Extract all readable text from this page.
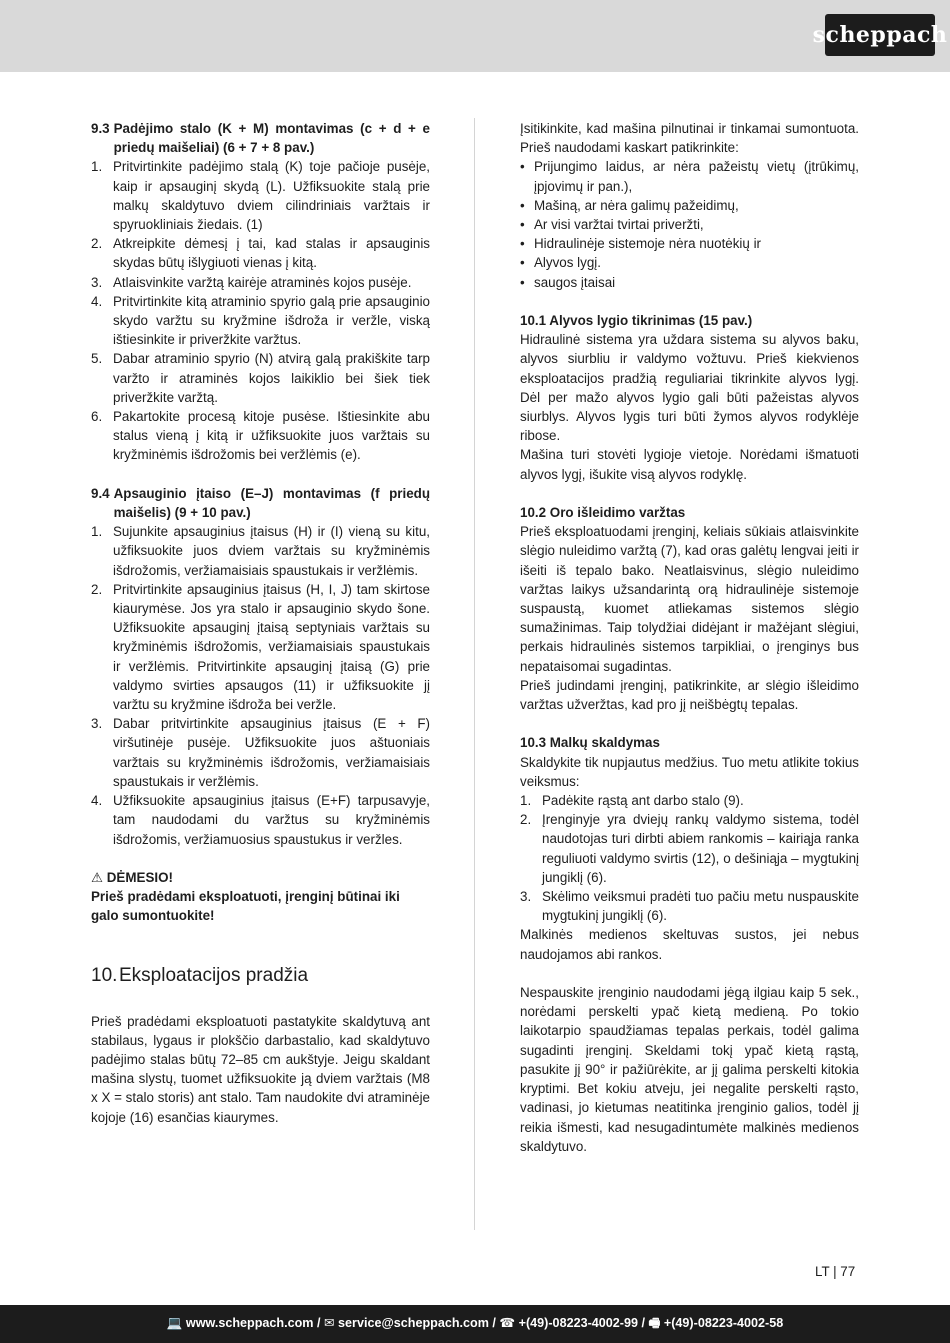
scheppach
9.3 Padėjimo stalo (K + M) montavimas (c + d + e priedų maišeliai) (6 + 7 + 8 pav.)
1. Pritvirtinkite padėjimo stalą (K) toje pačioje pusėje, kaip ir apsauginį skydą (L). Užfiksuokite stalą prie malkų skaldytuvo dviem cilindriniais varžtais ir spyruokliniais žiedais. (1)
2. Atkreipkite dėmesį į tai, kad stalas ir apsauginis skydas būtų išlygiuoti vienas į kitą.
3. Atlaisvinkite varžtą kairėje atraminės kojos pusėje.
4. Pritvirtinkite kitą atraminio spyrio galą prie apsauginio skydo varžtu su kryžmine išdroža ir veržle, viską ištiesinkite ir priveržkite varžtus.
5. Dabar atraminio spyrio (N) atvirą galą prakiškite tarp varžto ir atraminės kojos laikiklio bei šiek tiek priveržkite varžtą.
6. Pakartokite procesą kitoje pusėse. Ištiesinkite abu stalus vieną į kitą ir užfiksuokite juos varžtais su kryžminėmis išdrožomis bei veržlėmis (e).
9.4 Apsauginio įtaiso (E–J) montavimas (f priedų maišelis) (9 + 10 pav.)
1. Sujunkite apsauginius įtaisus (H) ir (I) vieną su kitu, užfiksuokite juos dviem varžtais su kryžminėmis išdrožomis, veržiamaisiais spaustukais ir veržlėmis.
2. Pritvirtinkite apsauginius įtaisus (H, I, J) tam skirtose kiaurymėse. Jos yra stalo ir apsauginio skydo šone. Užfiksuokite apsauginį įtaisą septyniais varžtais su kryžminėmis išdrožomis, veržiamaisiais spaustukais ir veržlėmis. Pritvirtinkite apsauginį įtaisą (G) prie valdymo svirties apsaugos (11) ir užfiksuokite jį varžtu su kryžmine išdroža bei veržle.
3. Dabar pritvirtinkite apsauginius įtaisus (E + F) viršutinėje pusėje. Užfiksuokite juos aštuoniais varžtais su kryžminėmis išdrožomis, veržiamaisiais spaustukais ir veržlėmis.
4. Užfiksuokite apsauginius įtaisus (E+F) tarpusavyje, tam naudodami du varžtus su kryžminėmis išdrožomis, veržiamuosius spaustukus ir veržles.
⚠ DĖMESIO!
Prieš pradėdami eksploatuoti, įrenginį būtinai iki galo sumontuokite!
10. Eksploatacijos pradžia

Prieš pradėdami eksploatuoti pastatykite skaldytuvą ant stabilaus, lygaus ir plokščio darbastalio, kad skaldytuvo padėjimo stalas būtų 72–85 cm aukštyje. Jeigu skaldant mašina slystų, tuomet užfiksuokite ją dviem varžtais (M8 x X = stalo storis) ant stalo. Tam naudokite dvi atraminėje kojoje (16) esančias kiaurymes.

Įsitikinkite, kad mašina pilnutinai ir tinkamai sumontuota. Prieš naudodami kaskart patikrinkite:

• Prijungimo laidus, ar nėra pažeistų vietų (įtrūkimų, įpjovimų ir pan.),
• Mašiną, ar nėra galimų pažeidimų,
• Ar visi varžtai tvirtai priveržti,
• Hidraulinėje sistemoje nėra nuotėkių ir
• Alyvos lygį.
• saugos įtaisai
10.1 Alyvos lygio tikrinimas (15 pav.)

Hidraulinė sistema yra uždara sistema su alyvos baku, alyvos siurbliu ir valdymo vožtuvu. Prieš kiekvienos eksploatacijos pradžią reguliariai tikrinkite alyvos lygį. Dėl per mažo alyvos lygio gali būti pažeistas alyvos siurblys. Alyvos lygis turi būti žymos alyvos rodyklėje ribose.

Mašina turi stovėti lygioje vietoje. Norėdami išmatuoti alyvos lygį, išukite visą alyvos rodyklę.

10.2 Oro išleidimo varžtas

Prieš eksploatuodami įrenginį, keliais sūkiais atlaisvinkite slėgio nuleidimo varžtą (7), kad oras galėtų lengvai įeiti ir išeiti iš tepalo bako. Neatlaisvinus, slėgio nuleidimo varžtas laikys užsandarintą orą hidraulinėje sistemoje suspaustą, kuomet atliekamas sistemos slėgio sumažinimas. Taip tolydžiai didėjant ir mažėjant slėgiui, perkais hidraulinės sistemos tarpikliai, o įrenginys bus nepataisomai sugadintas.

Prieš judindami įrenginį, patikrinkite, ar slėgio išleidimo varžtas užveržtas, kad pro jį neišbėgtų tepalas.

10.3 Malkų skaldymas

Skaldykite tik nupjautus medžius. Tuo metu atlikite tokius veiksmus:

1. Padėkite rąstą ant darbo stalo (9).
2. Įrenginyje yra dviejų rankų valdymo sistema, todėl naudotojas turi dirbti abiem rankomis – kairiąja ranka reguliuoti valdymo svirtis (12), o dešiniąja – mygtukinį jungiklį (6).
3. Skėlimo veiksmui pradėti tuo pačiu metu nuspauskite mygtukinį jungiklį (6).

Malkinės medienos skeltuvas sustos, jei nebus naudojamos abi rankos.

Nespauskite įrenginio naudodami jėgą ilgiau kaip 5 sek., norėdami perskelti ypač kietą medieną. Po tokio laikotarpio spaudžiamas tepalas perkais, todėl galima sugadinti įrenginį. Skeldami tokį ypač kietą rąstą, pasukite jį 90° ir pažiūrėkite, ar jį galima perskelti kitokia kryptimi. Bet kokiu atveju, jei negalite perskelti rąsto, vadinasi, jo kietumas neatitinka įrenginio galios, todėl jį reikia išmesti, kad nesugadintumėte malkinės medienos skaldytuvo.

LT | 77
💻 www.scheppach.com / ✉ service@scheppach.com / ☎ +(49)-08223-4002-99 / 🖷 +(49)-08223-4002-58
